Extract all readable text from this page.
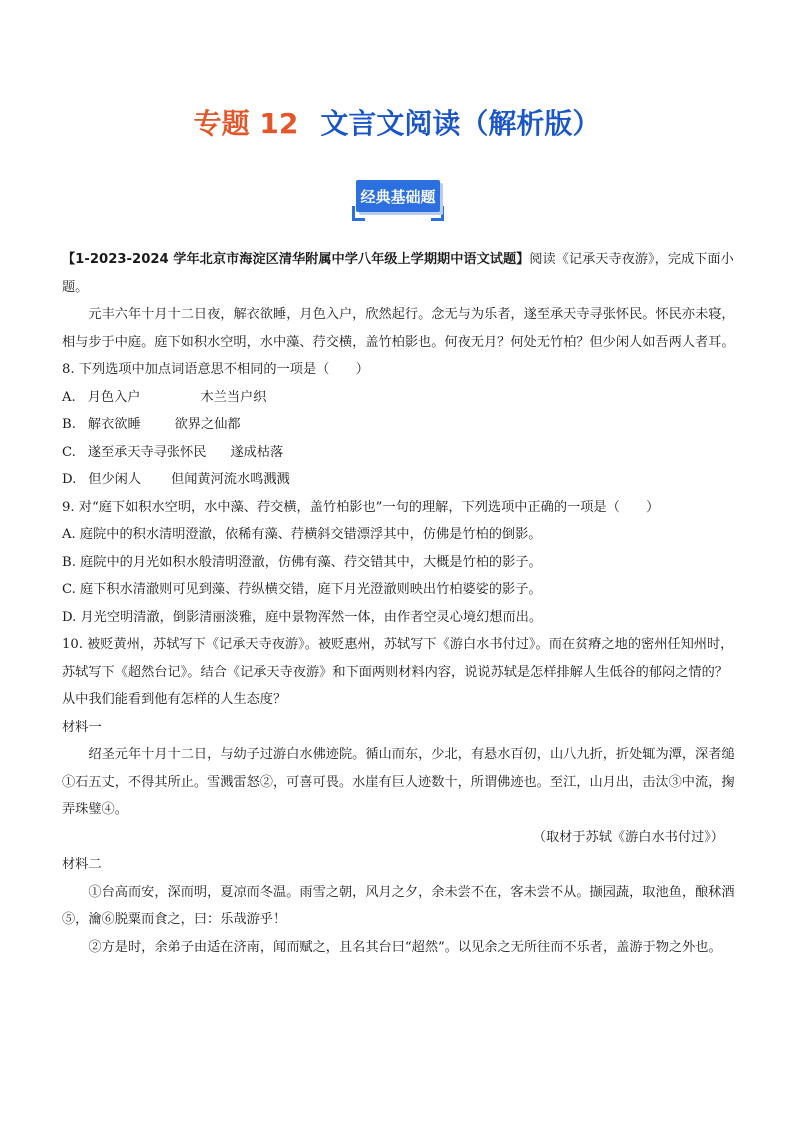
专题 12 文言文阅读（解析版）
经典基础题

【1-2023-2024 学年北京市海淀区清华附属中学八年级上学期期中语文试题】阅读《记承天寺夜游》，完成下面小题。

元丰六年十月十二日夜，解衣欲睡，月色入户，欣然起行。念无与为乐者，遂至承天寺寻张怀民。怀民亦未寝，相与步于中庭。庭下如积水空明，水中藻、荇交横，盖竹柏影也。何夜无月？何处无竹柏？但少闲人如吾两人者耳。

8. 下列选项中加点词语意思不相同的一项是（　　）

A. 月色入户	木兰当户织

B. 解衣欲睡	欲界之仙都

C. 遂至承天寺寻张怀民 遂成枯落

D. 但少闲人 但闻黄河流水鸣溅溅

9. 对“庭下如积水空明，水中藻、荇交横，盖竹柏影也”一句的理解，下列选项中正确的一项是（　　）

A. 庭院中的积水清明澄澈，依稀有藻、荇横斜交错漂浮其中，仿佛是竹柏的倒影。

B. 庭院中的月光如积水般清明澄澈，仿佛有藻、荇交错其中，大概是竹柏的影子。

C. 庭下积水清澈则可见到藻、荇纵横交错，庭下月光澄澈则映出竹柏婆娑的影子。

D. 月光空明清澈，倒影清丽淡雅，庭中景物浑然一体，由作者空灵心境幻想而出。

10. 被贬黄州，苏轼写下《记承天寺夜游》。被贬惠州，苏轼写下《游白水书付过》。而在贫瘠之地的密州任知州时，苏轼写下《超然台记》。结合《记承天寺夜游》和下面两则材料内容，说说苏轼是怎样排解人生低谷的郁闷之情的？从中我们能看到他有怎样的人生态度？

材料一

绍圣元年十月十二日，与幼子过游白水佛迹院。循山而东，少北，有悬水百仞，山八九折，折处辄为潭，深者缒①石五丈，不得其所止。雪溅雷怒②，可喜可畏。水崖有巨人迹数十，所谓佛迹也。至江，山月出，击汰③中流，掬弄珠璧④。

（取材于苏轼《游白水书付过》）

材料二

①台高而安，深而明，夏凉而冬温。雨雪之朝，风月之夕，余未尝不在，客未尝不从。撷园蔬，取池鱼，酿秫酒⑤，瀹⑥脱粟而食之，曰：乐哉游乎！

②方是时，余弟子由适在济南，闻而赋之，且名其台曰“超然”。以见余之无所往而不乐者，盖游于物之外也。
